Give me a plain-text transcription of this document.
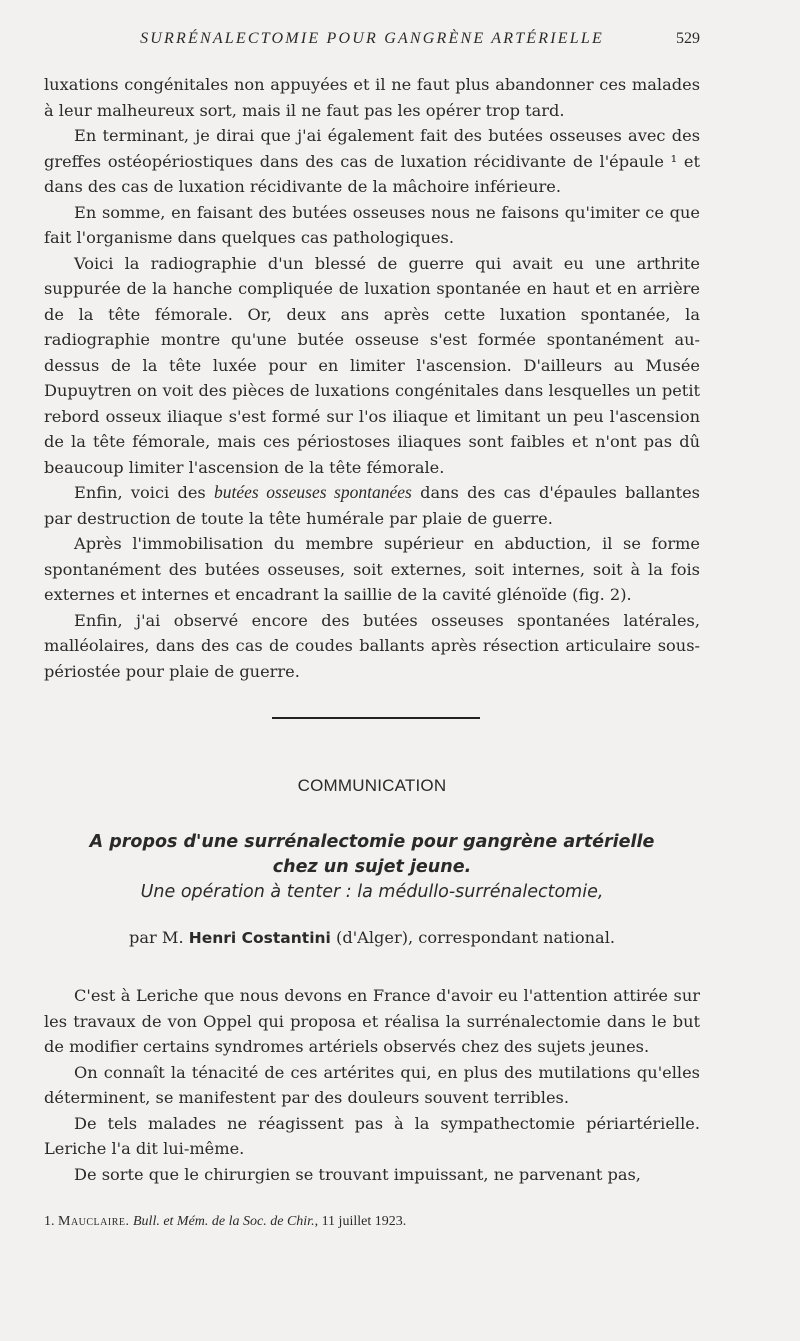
SURRÉNALECTOMIE POUR GANGRÈNE ARTÉRIELLE	529

luxations congénitales non appuyées et il ne faut plus abandonner ces malades à leur malheureux sort, mais il ne faut pas les opérer trop tard.

En terminant, je dirai que j'ai également fait des butées osseuses avec des greffes ostéopériostiques dans des cas de luxation récidivante de l'épaule ¹ et dans des cas de luxation récidivante de la mâchoire inférieure.

En somme, en faisant des butées osseuses nous ne faisons qu'imiter ce que fait l'organisme dans quelques cas pathologiques.

Voici la radiographie d'un blessé de guerre qui avait eu une arthrite suppurée de la hanche compliquée de luxation spontanée en haut et en arrière de la tête fémorale. Or, deux ans après cette luxation spontanée, la radiographie montre qu'une butée osseuse s'est formée spontanément au-dessus de la tête luxée pour en limiter l'ascension. D'ailleurs au Musée Dupuytren on voit des pièces de luxations congénitales dans lesquelles un petit rebord osseux iliaque s'est formé sur l'os iliaque et limitant un peu l'ascension de la tête fémorale, mais ces périostoses iliaques sont faibles et n'ont pas dû beaucoup limiter l'ascension de la tête fémorale.

Enfin, voici des butées osseuses spontanées dans des cas d'épaules ballantes par destruction de toute la tête humérale par plaie de guerre.

Après l'immobilisation du membre supérieur en abduction, il se forme spontanément des butées osseuses, soit externes, soit internes, soit à la fois externes et internes et encadrant la saillie de la cavité glénoïde (fig. 2).

Enfin, j'ai observé encore des butées osseuses spontanées latérales, malléolaires, dans des cas de coudes ballants après résection articulaire sous-périostée pour plaie de guerre.

COMMUNICATION
A propos d'une surrénalectomie pour gangrène artérielle
chez un sujet jeune.
Une opération à tenter : la médullo-surrénalectomie,
par M. Henri Costantini (d'Alger), correspondant national.

C'est à Leriche que nous devons en France d'avoir eu l'attention attirée sur les travaux de von Oppel qui proposa et réalisa la surrénalectomie dans le but de modifier certains syndromes artériels observés chez des sujets jeunes.

On connaît la ténacité de ces artérites qui, en plus des mutilations qu'elles déterminent, se manifestent par des douleurs souvent terribles.

De tels malades ne réagissent pas à la sympathectomie périartérielle. Leriche l'a dit lui-même.

De sorte que le chirurgien se trouvant impuissant, ne parvenant pas,

1. Mauclaire. Bull. et Mém. de la Soc. de Chir., 11 juillet 1923.
